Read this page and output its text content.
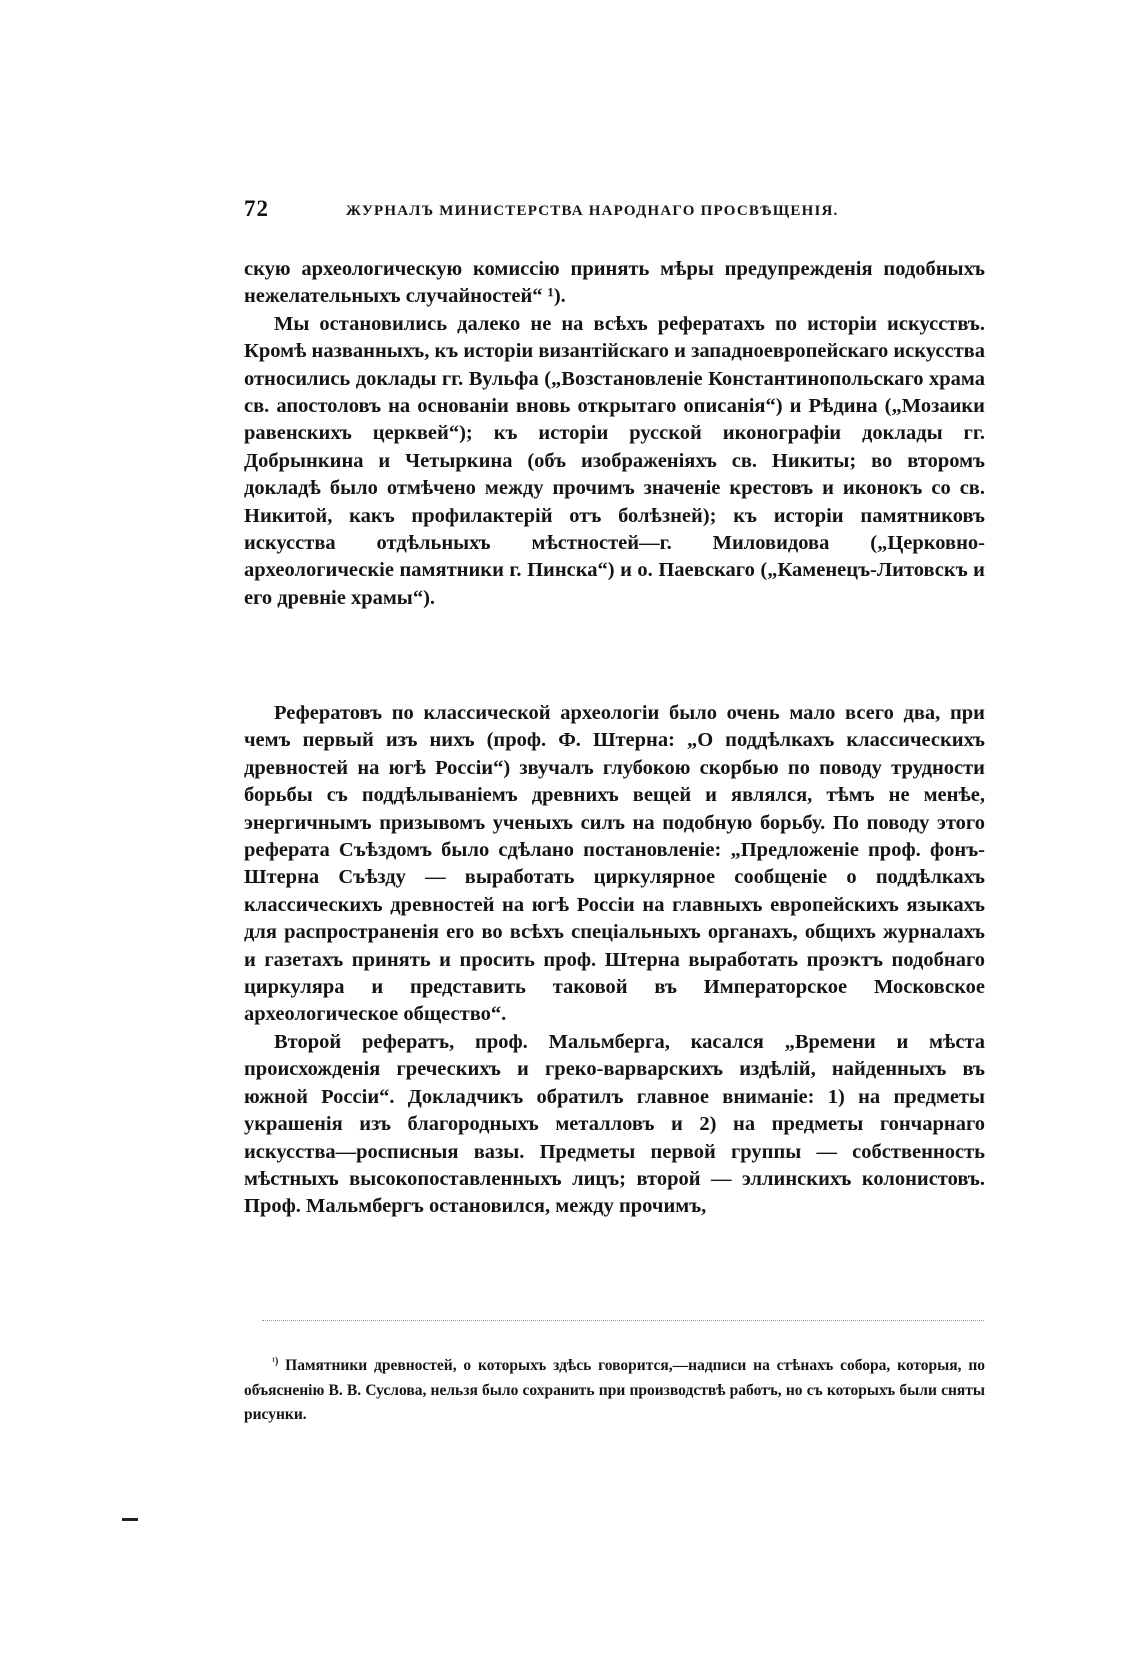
72	ЖУРНАЛЪ МИНИСТЕРСТВА НАРОДНАГО ПРОСВѢЩЕНІЯ.

скую археологическую комиссію принять мѣры предупрежденія подобныхъ нежелательныхъ случайностей“ ¹).

Мы остановились далеко не на всѣхъ рефератахъ по исторіи искусствъ. Кромѣ названныхъ, къ исторіи византійскаго и западноевропейскаго искусства относились доклады гг. Вульфа („Возстановленіе Константинопольскаго храма св. апостоловъ на основаніи вновь открытаго описанія“) и Рѣдина („Мозаики равенскихъ церквей“); къ исторіи русской иконографіи доклады гг. Добрынкина и Четыркина (объ изображеніяхъ св. Никиты; во второмъ докладѣ было отмѣчено между прочимъ значеніе крестовъ и иконокъ со св. Никитой, какъ профилактерій отъ болѣзней); къ исторіи памятниковъ искусства отдѣльныхъ мѣстностей—г. Миловидова („Церковно-археологическіе памятники г. Пинска“) и о. Паевскаго („Каменецъ-Литовскъ и его древніе храмы“).

Рефератовъ по классической археологіи было очень мало всего два, при чемъ первый изъ нихъ (проф. Ф. Штерна: „О поддѣлкахъ классическихъ древностей на югѣ Россіи“) звучалъ глубокою скорбью по поводу трудности борьбы съ поддѣлываніемъ древнихъ вещей и являлся, тѣмъ не менѣе, энергичнымъ призывомъ ученыхъ силъ на подобную борьбу. По поводу этого реферата Съѣздомъ было сдѣлано постановленіе: „Предложеніе проф. фонъ-Штерна Съѣзду — выработать циркулярное сообщеніе о поддѣлкахъ классическихъ древностей на югѣ Россіи на главныхъ европейскихъ языкахъ для распространенія его во всѣхъ спеціальныхъ органахъ, общихъ журналахъ и газетахъ принять и просить проф. Штерна выработать проэктъ подобнаго циркуляра и представить таковой въ Императорское Московское археологическое общество“.

Второй рефератъ, проф. Мальмберга, касался „Времени и мѣста происхожденія греческихъ и греко-варварскихъ издѣлій, найденныхъ въ южной Россіи“. Докладчикъ обратилъ главное вниманіе: 1) на предметы украшенія изъ благородныхъ металловъ и 2) на предметы гончарнаго искусства—росписныя вазы. Предметы первой группы — собственность мѣстныхъ высокопоставленныхъ лицъ; второй — эллинскихъ колонистовъ. Проф. Мальмбергъ остановился, между прочимъ,

$^{^1)}$ Памятники древностей, о которыхъ здѣсь говорится,—надписи на стѣнахъ собора, которыя, по объясненію В. В. Суслова, нельзя было сохранить при производствѣ работъ, но съ которыхъ были сняты рисунки.
